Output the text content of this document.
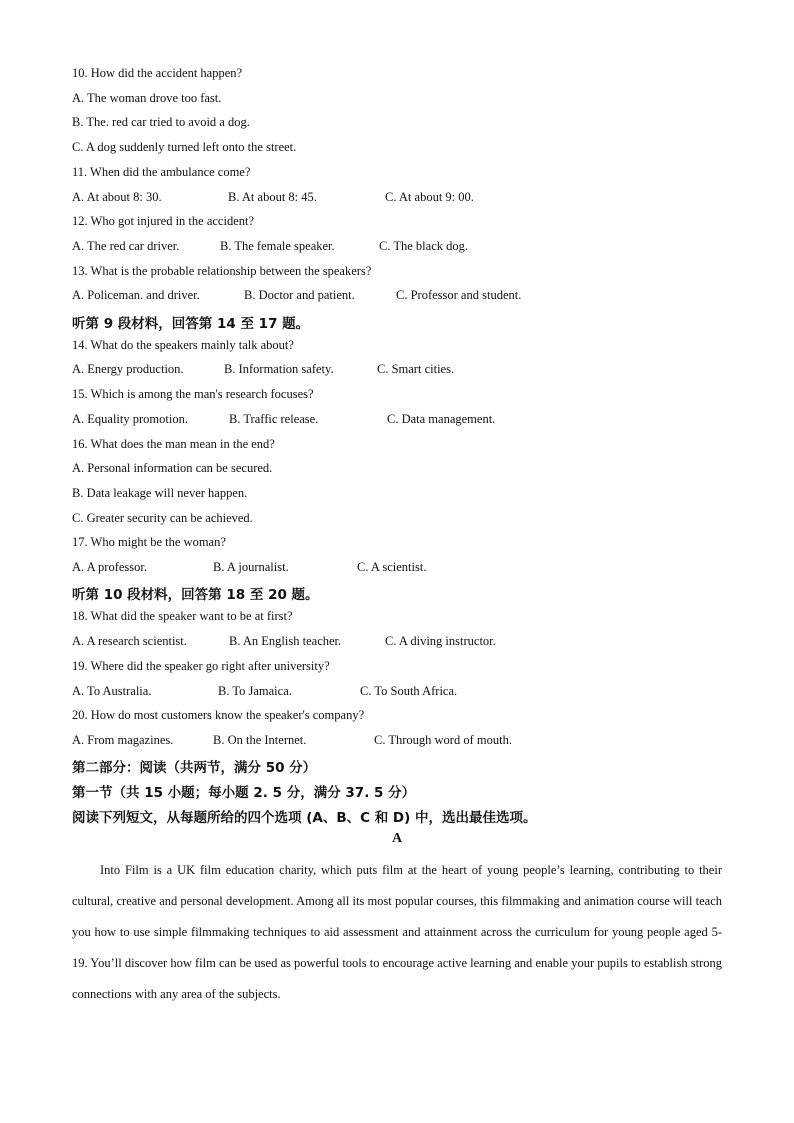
10. How did the accident happen?
A. The woman drove too fast.
B. The. red car tried to avoid a dog.
C. A dog suddenly turned left onto the street.
11. When did the ambulance come?
A. At about 8: 30.	B. At about 8: 45.	C. At about 9: 00.
12. Who got injured in the accident?
A. The red car driver.	B. The female speaker.	C. The black dog.
13. What is the probable relationship between the speakers?
A. Policeman. and driver.	B. Doctor and patient.	C. Professor and student.
听第 9 段材料，回答第 14 至 17 题。
14. What do the speakers mainly talk about?
A. Energy production.	B. Information safety.	C. Smart cities.
15. Which is among the man's research focuses?
A. Equality promotion.	B. Traffic release.	C. Data management.
16. What does the man mean in the end?
A. Personal information can be secured.
B. Data leakage will never happen.
C. Greater security can be achieved.
17. Who might be the woman?
A. A professor.	B. A journalist.	C. A scientist.
听第 10 段材料，回答第 18 至 20 题。
18. What did the speaker want to be at first?
A. A research scientist.	B. An English teacher.	C. A diving instructor.
19. Where did the speaker go right after university?
A. To Australia.	B. To Jamaica.	C. To South Africa.
20. How do most customers know the speaker's company?
A. From magazines.	B. On the Internet.	C. Through word of mouth.
第二部分：阅读（共两节，满分 50 分）
第一节（共 15 小题；每小题 2. 5 分，满分 37. 5 分）
阅读下列短文，从每题所给的四个选项 (A、B、C 和 D) 中，选出最佳选项。
A
Into Film is a UK film education charity, which puts film at the heart of young people’s learning, contributing to their cultural, creative and personal development. Among all its most popular courses, this filmmaking and animation course will teach you how to use simple filmmaking techniques to aid assessment and attainment across the curriculum for young people aged 5-19. You’ll discover how film can be used as powerful tools to encourage active learning and enable your pupils to establish strong connections with any area of the subjects.
